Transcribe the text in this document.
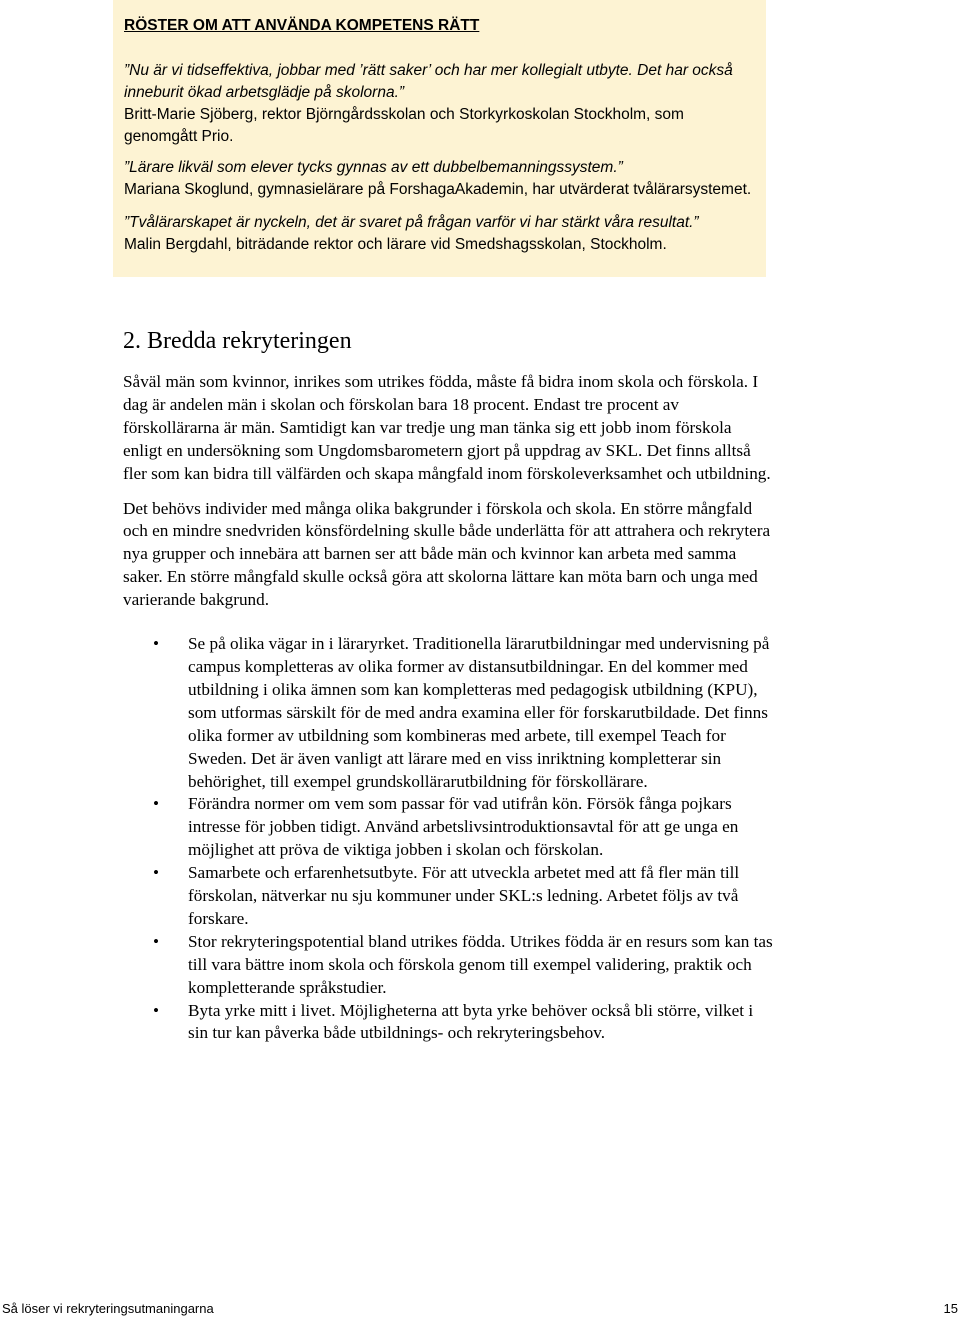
RÖSTER OM ATT ANVÄNDA KOMPETENS RÄTT
”Nu är vi tidseffektiva, jobbar med ’rätt saker’ och har mer kollegialt utbyte. Det har också inneburit ökad arbetsglädje på skolorna.”
Britt-Marie Sjöberg, rektor Björngårdsskolan och Storkyrkoskolan Stockholm, som genomgått Prio.
”Lärare likväl som elever tycks gynnas av ett dubbelbemanningssystem.”
Mariana Skoglund, gymnasielärare på ForshagaAkademin, har utvärderat tvålärarsystemet.
”Tvålärarskapet är nyckeln, det är svaret på frågan varför vi har stärkt våra resultat.”
Malin Bergdahl, biträdande rektor och lärare vid Smedshagsskolan, Stockholm.
2. Bredda rekryteringen
Såväl män som kvinnor, inrikes som utrikes födda, måste få bidra inom skola och förskola. I dag är andelen män i skolan och förskolan bara 18 procent. Endast tre procent av förskollärarna är män. Samtidigt kan var tredje ung man tänka sig ett jobb inom förskola enligt en undersökning som Ungdomsbarometern gjort på uppdrag av SKL. Det finns alltså fler som kan bidra till välfärden och skapa mångfald inom förskoleverksamhet och utbildning.
Det behövs individer med många olika bakgrunder i förskola och skola. En större mångfald och en mindre snedvriden könsfördelning skulle både underlätta för att attrahera och rekrytera nya grupper och innebära att barnen ser att både män och kvinnor kan arbeta med samma saker. En större mångfald skulle också göra att skolorna lättare kan möta barn och unga med varierande bakgrund.
• Se på olika vägar in i läraryrket. Traditionella lärarutbildningar med undervisning på campus kompletteras av olika former av distansutbildningar. En del kommer med utbildning i olika ämnen som kan kompletteras med pedagogisk utbildning (KPU), som utformas särskilt för de med andra examina eller för forskarutbildade. Det finns olika former av utbildning som kombineras med arbete, till exempel Teach for Sweden. Det är även vanligt att lärare med en viss inriktning kompletterar sin behörighet, till exempel grundskollärarutbildning för förskollärare.
• Förändra normer om vem som passar för vad utifrån kön. Försök fånga pojkars intresse för jobben tidigt. Använd arbetslivsintroduktionsavtal för att ge unga en möjlighet att pröva de viktiga jobben i skolan och förskolan.
• Samarbete och erfarenhetsutbyte. För att utveckla arbetet med att få fler män till förskolan, nätverkar nu sju kommuner under SKL:s ledning. Arbetet följs av två forskare.
• Stor rekryteringspotential bland utrikes födda. Utrikes födda är en resurs som kan tas till vara bättre inom skola och förskola genom till exempel validering, praktik och kompletterande språkstudier.
• Byta yrke mitt i livet. Möjligheterna att byta yrke behöver också bli större, vilket i sin tur kan påverka både utbildnings- och rekryteringsbehov.
Så löser vi rekryteringsutmaningarna	15
